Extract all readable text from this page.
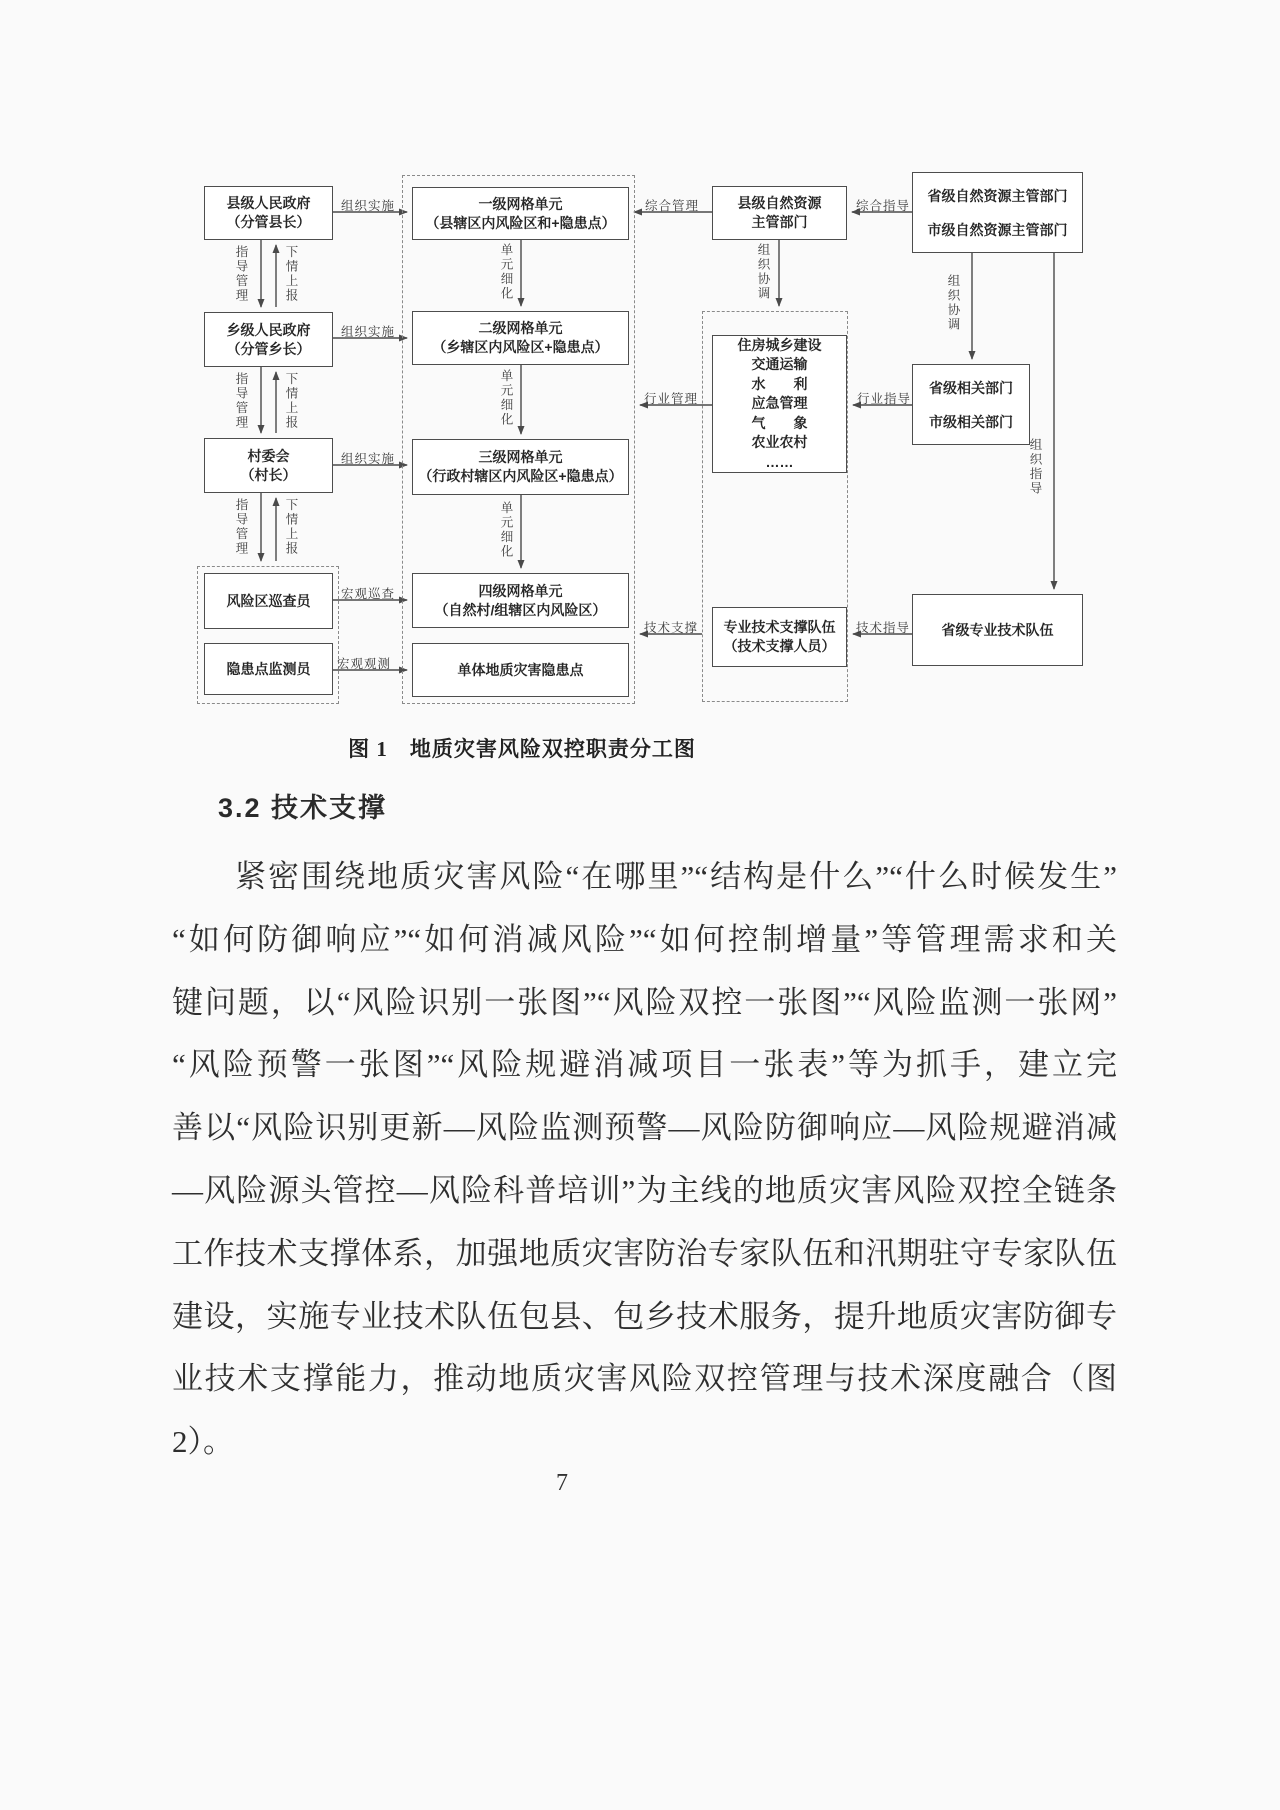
县级人民政府
（分管县长）
乡级人民政府
（分管乡长）
村委会
（村长）
风险区巡查员
隐患点监测员
一级网格单元
（县辖区内风险区和+隐患点）
二级网格单元
（乡辖区内风险区+隐患点）
三级网格单元
（行政村辖区内风险区+隐患点）
四级网格单元
（自然村/组辖区内风险区）
单体地质灾害隐患点
县级自然资源
主管部门
住房城乡建设
交通运输
水　　利
应急管理
气　　象
农业农村
……
专业技术支撑队伍
（技术支撑人员）
省级自然资源主管部门
市级自然资源主管部门
省级相关部门
市级相关部门
省级专业技术队伍
组织实施
组织实施
组织实施
宏观巡查
宏观观测
综合管理	综合指导
行业管理	行业指导
技术支撑	技术指导
指导管理	下情上报
指导管理	下情上报
指导管理	下情上报
单元细化
单元细化
单元细化
组织协调
组织协调
组织指导
图 1　地质灾害风险双控职责分工图
3.2 技术支撑
紧密围绕地质灾害风险“在哪里”“结构是什么”“什么时候发生”
“如何防御响应”“如何消减风险”“如何控制增量”等管理需求和关
键问题，以“风险识别一张图”“风险双控一张图”“风险监测一张网”
“风险预警一张图”“风险规避消减项目一张表”等为抓手，建立完
善以“风险识别更新—风险监测预警—风险防御响应—风险规避消减
—风险源头管控—风险科普培训”为主线的地质灾害风险双控全链条
工作技术支撑体系，加强地质灾害防治专家队伍和汛期驻守专家队伍
建设，实施专业技术队伍包县、包乡技术服务，提升地质灾害防御专
业技术支撑能力，推动地质灾害风险双控管理与技术深度融合（图2）。
7
